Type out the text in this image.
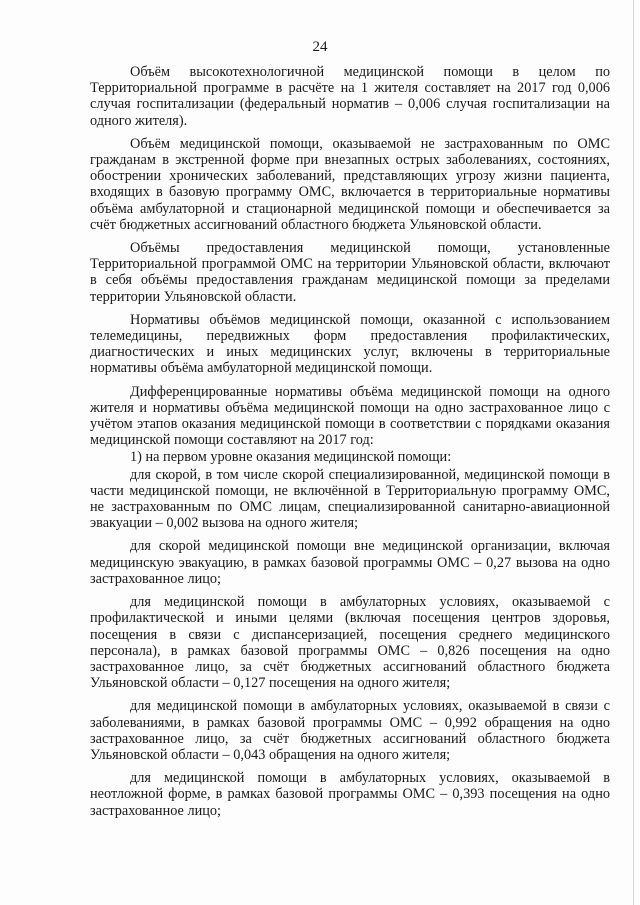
24

Объём высокотехнологичной медицинской помощи в целом по Территориальной программе в расчёте на 1 жителя составляет на 2017 год 0,006 случая госпитализации (федеральный норматив – 0,006 случая госпитализации на одного жителя).

Объём медицинской помощи, оказываемой не застрахованным по ОМС гражданам в экстренной форме при внезапных острых заболеваниях, состояниях, обострении хронических заболеваний, представляющих угрозу жизни пациента, входящих в базовую программу ОМС, включается в территориальные нормативы объёма амбулаторной и стационарной медицинской помощи и обеспечивается за счёт бюджетных ассигнований областного бюджета Ульяновской области.

Объёмы предоставления медицинской помощи, установленные Территориальной программой ОМС на территории Ульяновской области, включают в себя объёмы предоставления гражданам медицинской помощи за пределами территории Ульяновской области.

Нормативы объёмов медицинской помощи, оказанной с использованием телемедицины, передвижных форм предоставления профилактических, диагностических и иных медицинских услуг, включены в территориальные нормативы объёма амбулаторной медицинской помощи.

Дифференцированные нормативы объёма медицинской помощи на одного жителя и нормативы объёма медицинской помощи на одно застрахованное лицо с учётом этапов оказания медицинской помощи в соответствии с порядками оказания медицинской помощи составляют на 2017 год:

1) на первом уровне оказания медицинской помощи:

для скорой, в том числе скорой специализированной, медицинской помощи в части медицинской помощи, не включённой в Территориальную программу ОМС, не застрахованным по ОМС лицам, специализированной санитарно-авиационной эвакуации – 0,002 вызова на одного жителя;

для скорой медицинской помощи вне медицинской организации, включая медицинскую эвакуацию, в рамках базовой программы ОМС – 0,27 вызова на одно застрахованное лицо;

для медицинской помощи в амбулаторных условиях, оказываемой с профилактической и иными целями (включая посещения центров здоровья, посещения в связи с диспансеризацией, посещения среднего медицинского персонала), в рамках базовой программы ОМС – 0,826 посещения на одно застрахованное лицо, за счёт бюджетных ассигнований областного бюджета Ульяновской области – 0,127 посещения на одного жителя;

для медицинской помощи в амбулаторных условиях, оказываемой в связи с заболеваниями, в рамках базовой программы ОМС – 0,992 обращения на одно застрахованное лицо, за счёт бюджетных ассигнований областного бюджета Ульяновской области – 0,043 обращения на одного жителя;

для медицинской помощи в амбулаторных условиях, оказываемой в неотложной форме, в рамках базовой программы ОМС – 0,393 посещения на одно застрахованное лицо;
